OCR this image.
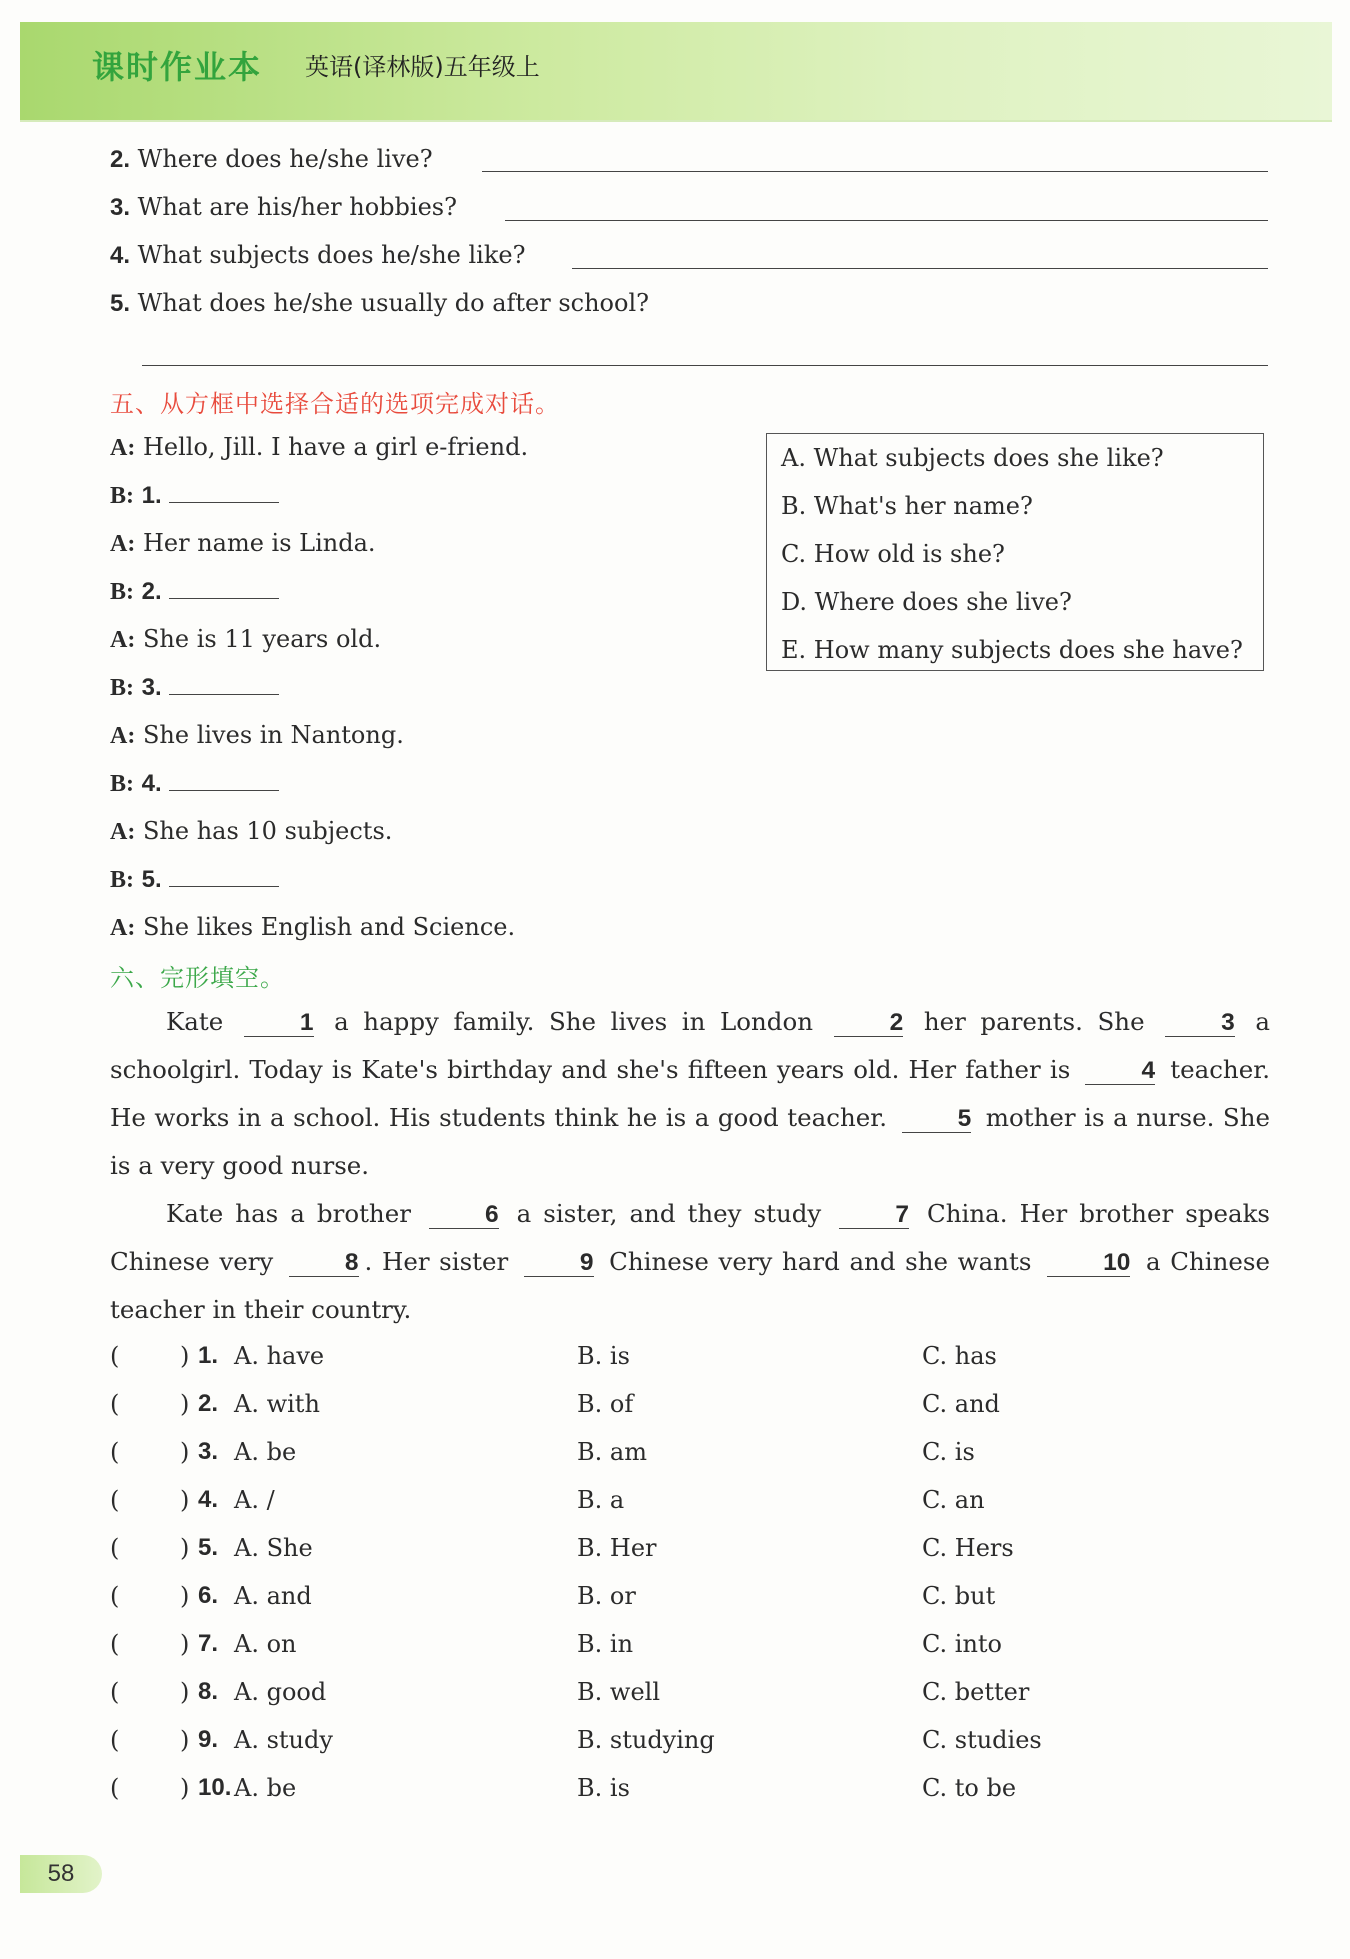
课时作业本 英语(译林版)五年级上
2. Where does he/she live?
3. What are his/her hobbies?
4. What subjects does he/she like?
5. What does he/she usually do after school?
五、从方框中选择合适的选项完成对话。
A: Hello, Jill. I have a girl e-friend.
B: 1.
A: Her name is Linda.
B: 2.
A: She is 11 years old.
B: 3.
A: She lives in Nantong.
B: 4.
A: She has 10 subjects.
B: 5.
A: She likes English and Science.
A. What subjects does she like?
B. What's her name?
C. How old is she?
D. Where does she live?
E. How many subjects does she have?
六、完形填空。
Kate	1 a happy family. She lives in London	2 her parents. She	3 a schoolgirl. Today is Kate's birthday and she's fifteen years old. Her father is	4 teacher. He works in a school. His students think he is a good teacher.	5 mother is a nurse. She is a very good nurse.
Kate has a brother	6 a sister, and they study	7 China. Her brother speaks Chinese very	8 . Her sister	9 Chinese very hard and she wants	10 a Chinese teacher in their country.
(	) 1. A. have	B. is	C. has
(	) 2. A. with	B. of	C. and
(	) 3. A. be	B. am	C. is
(	) 4. A. /	B. a	C. an
(	) 5. A. She	B. Her	C. Hers
(	) 6. A. and	B. or	C. but
(	) 7. A. on	B. in	C. into
(	) 8. A. good	B. well	C. better
(	) 9. A. study	B. studying	C. studies
(	) 10. A. be	B. is	C. to be
58
